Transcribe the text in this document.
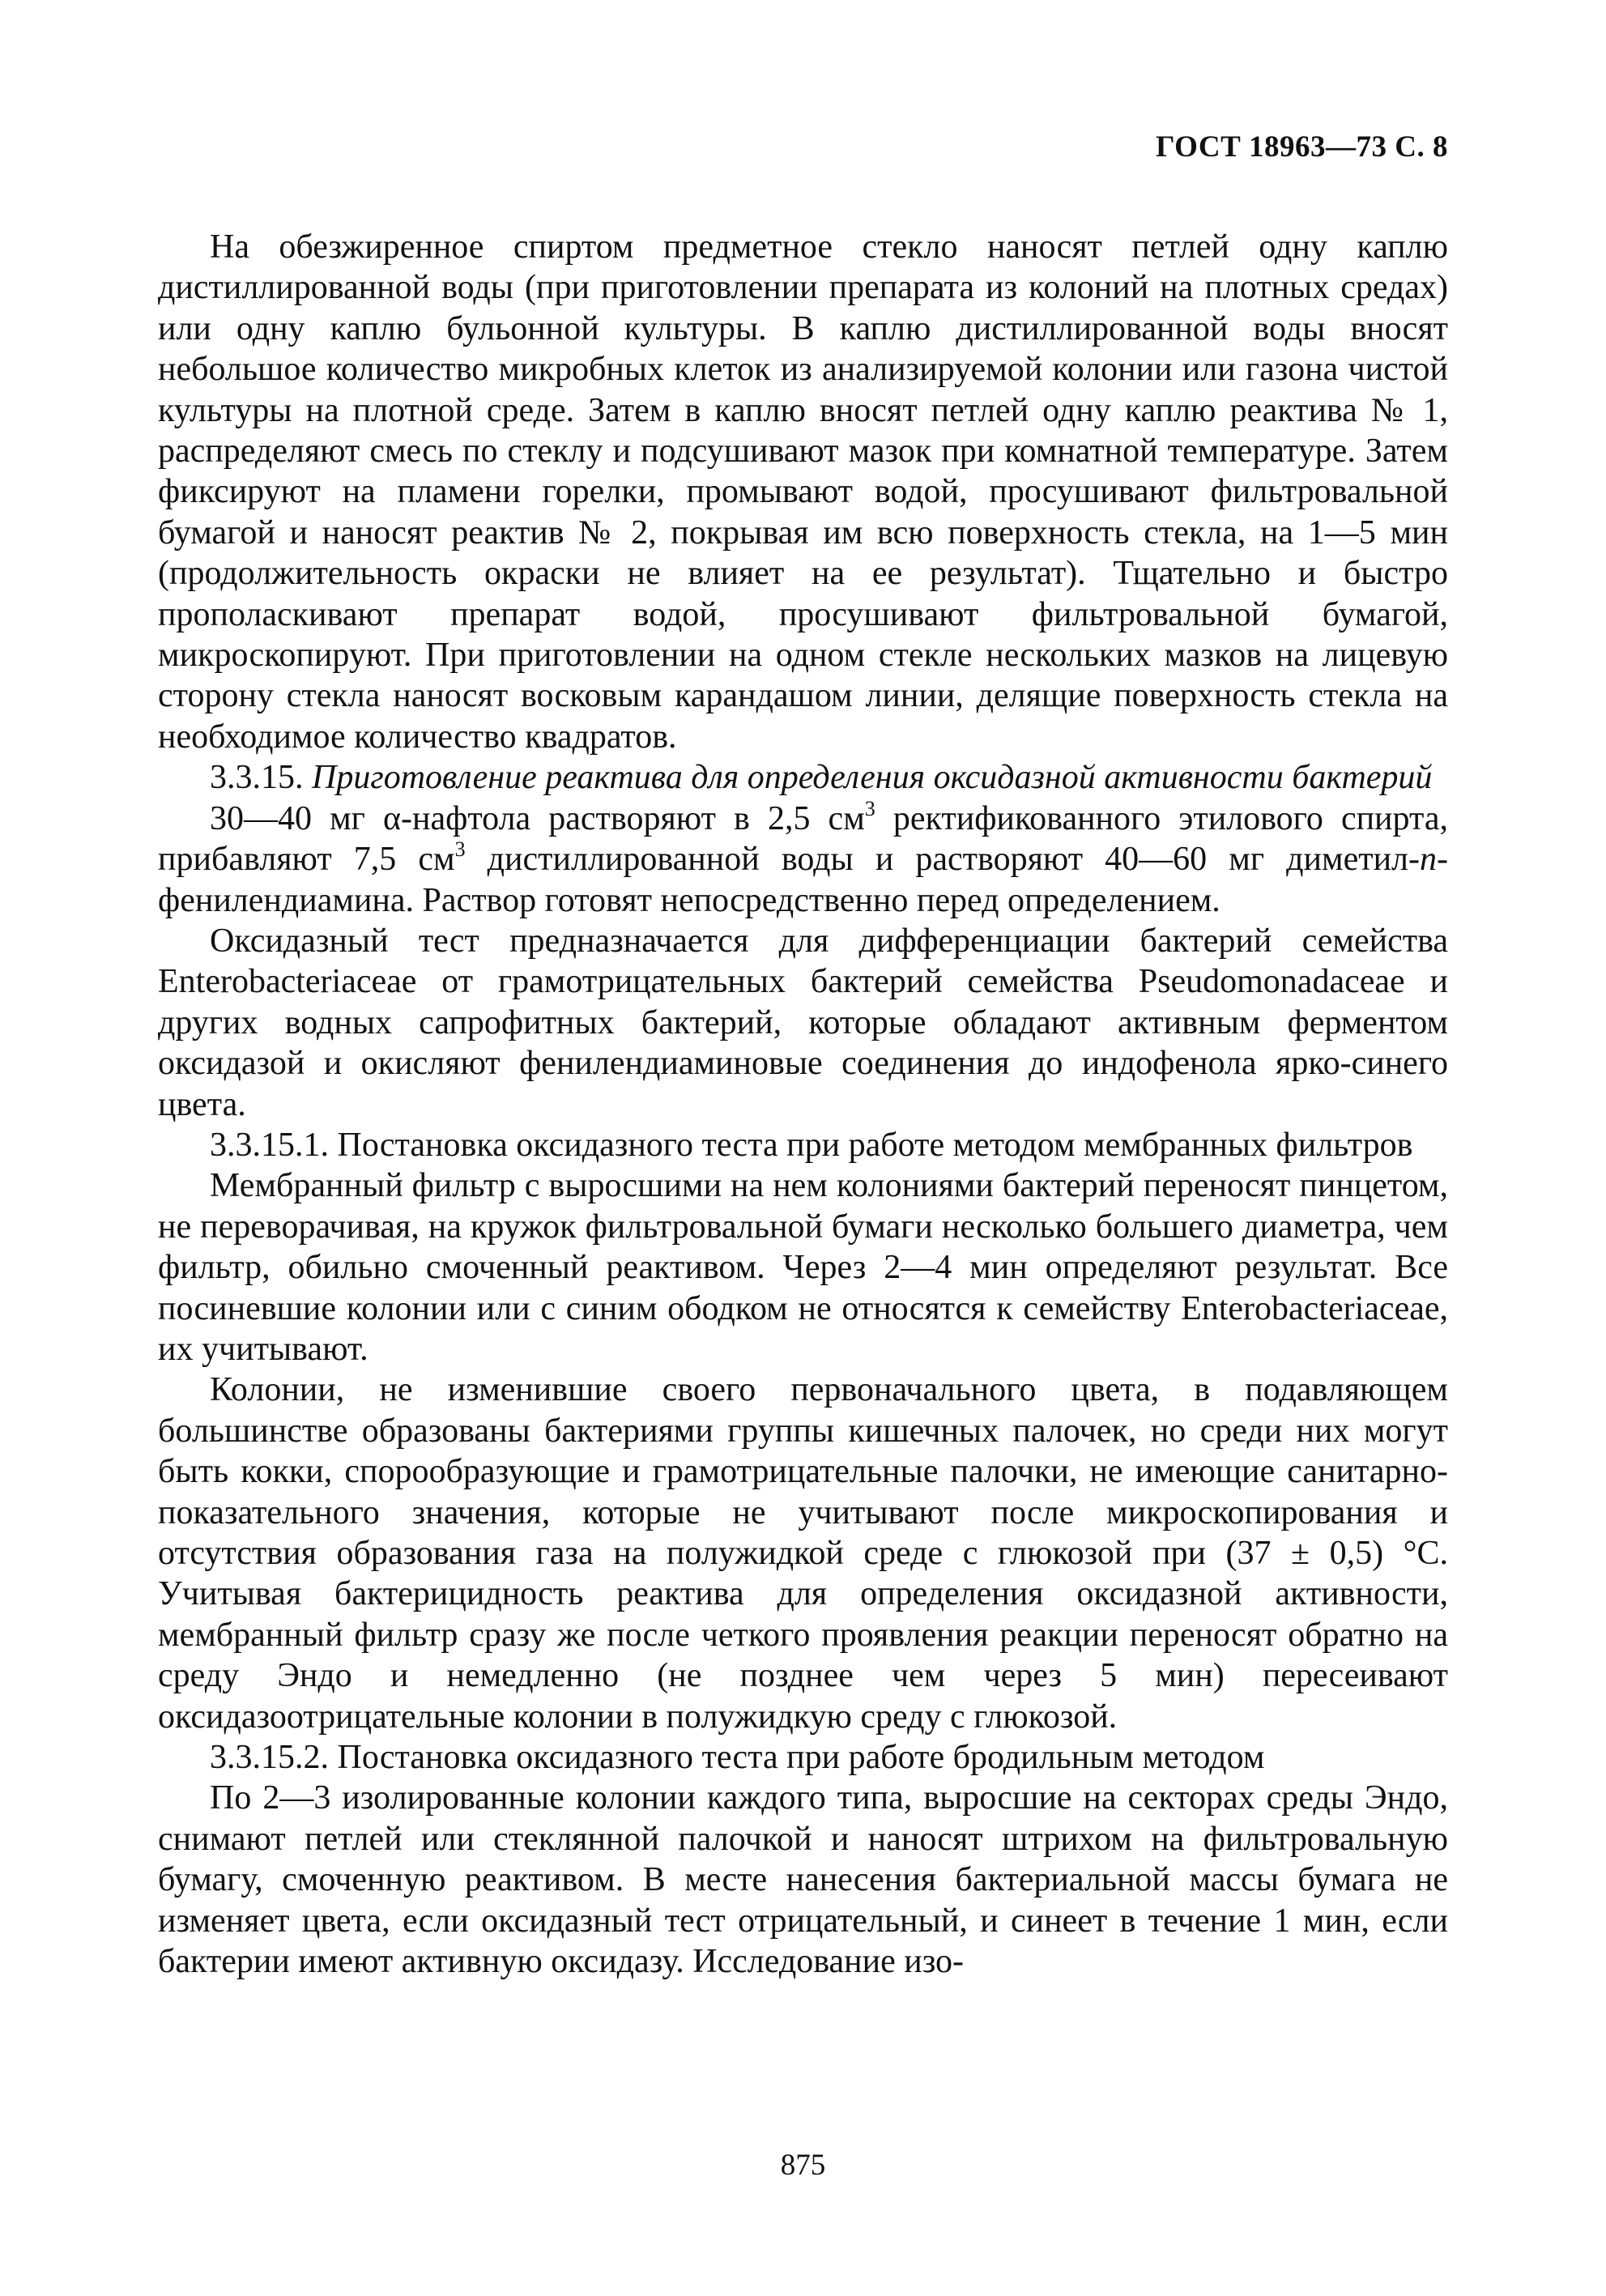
ГОСТ 18963—73 С. 8

На обезжиренное спиртом предметное стекло наносят петлей одну каплю дистиллированной воды (при приготовлении препарата из колоний на плотных средах) или одну каплю бульонной культуры. В каплю дистиллированной воды вносят небольшое количество микробных клеток из анализируемой колонии или газона чистой культуры на плотной среде. Затем в каплю вносят петлей одну каплю реактива № 1, распределяют смесь по стеклу и подсушивают мазок при комнатной температуре. Затем фиксируют на пламени горелки, промывают водой, просушивают фильтровальной бумагой и наносят реактив № 2, покрывая им всю поверхность стекла, на 1—5 мин (продолжительность окраски не влияет на ее результат). Тщательно и быстро прополаскивают препарат водой, просушивают фильтровальной бумагой, микроскопируют. При приготовлении на одном стекле нескольких мазков на лицевую сторону стекла наносят восковым карандашом линии, делящие поверхность стекла на необходимое количество квадратов.

3.3.15. Приготовление реактива для определения оксидазной активности бактерий

30—40 мг α-нафтола растворяют в 2,5 $см^3$ ректификованного этилового спирта, прибавляют 7,5 $см^3$ дистиллированной воды и растворяют 40—60 мг диметил-n-фенилендиамина. Раствор готовят непосредственно перед определением.

Оксидазный тест предназначается для дифференциации бактерий семейства Enterobacteriaceae от грамотрицательных бактерий семейства Pseudomonadaceae и других водных сапрофитных бактерий, которые обладают активным ферментом оксидазой и окисляют фенилендиаминовые соединения до индофенола ярко-синего цвета.

3.3.15.1. Постановка оксидазного теста при работе методом мембранных фильтров

Мембранный фильтр с выросшими на нем колониями бактерий переносят пинцетом, не переворачивая, на кружок фильтровальной бумаги несколько большего диаметра, чем фильтр, обильно смоченный реактивом. Через 2—4 мин определяют результат. Все посиневшие колонии или с синим ободком не относятся к семейству Enterobacteriaceae, их учитывают.

Колонии, не изменившие своего первоначального цвета, в подавляющем большинстве образованы бактериями группы кишечных палочек, но среди них могут быть кокки, спорообразующие и грамотрицательные палочки, не имеющие санитарно-показательного значения, которые не учитывают после микроскопирования и отсутствия образования газа на полужидкой среде с глюкозой при (37 ± 0,5) °С. Учитывая бактерицидность реактива для определения оксидазной активности, мембранный фильтр сразу же после четкого проявления реакции переносят обратно на среду Эндо и немедленно (не позднее чем через 5 мин) пересеивают оксидазоотрицательные колонии в полужидкую среду с глюкозой.

3.3.15.2. Постановка оксидазного теста при работе бродильным методом

По 2—3 изолированные колонии каждого типа, выросшие на секторах среды Эндо, снимают петлей или стеклянной палочкой и наносят штрихом на фильтровальную бумагу, смоченную реактивом. В месте нанесения бактериальной массы бумага не изменяет цвета, если оксидазный тест отрицательный, и синеет в течение 1 мин, если бактерии имеют активную оксидазу. Исследование изо-

875
